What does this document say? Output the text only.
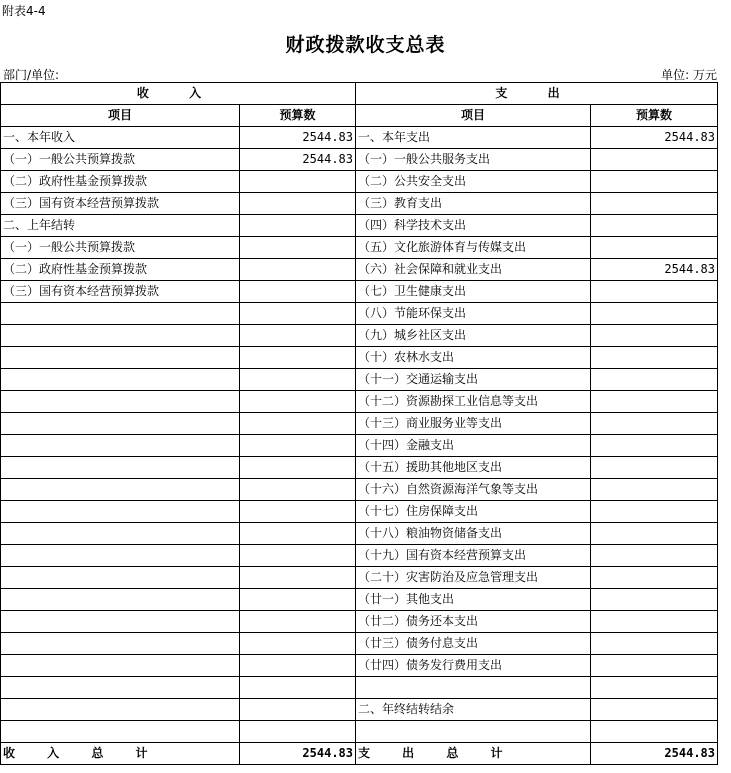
附表4-4
财政拨款收支总表
部门/单位:	单位: 万元
收 入		支 出	
项目	预算数	项目	预算数
一、本年收入	2544.83	一、本年支出	2544.83
（一）一般公共预算拨款	2544.83	（一）一般公共服务支出	
（二）政府性基金预算拨款		（二）公共安全支出	
（三）国有资本经营预算拨款		（三）教育支出	
二、上年结转		（四）科学技术支出	
（一）一般公共预算拨款		（五）文化旅游体育与传媒支出	
（二）政府性基金预算拨款		（六）社会保障和就业支出	2544.83
（三）国有资本经营预算拨款		（七）卫生健康支出	
		（八）节能环保支出	
		（九）城乡社区支出	
		（十）农林水支出	
		（十一）交通运输支出	
		（十二）资源勘探工业信息等支出	
		（十三）商业服务业等支出	
		（十四）金融支出	
		（十五）援助其他地区支出	
		（十六）自然资源海洋气象等支出	
		（十七）住房保障支出	
		（十八）粮油物资储备支出	
		（十九）国有资本经营预算支出	
		（二十）灾害防治及应急管理支出	
		（廿一）其他支出	
		（廿二）债务还本支出	
		（廿三）债务付息支出	
		（廿四）债务发行费用支出	

		二、年终结转结余	

收 入 总 计	2544.83	支 出 总 计	2544.83
